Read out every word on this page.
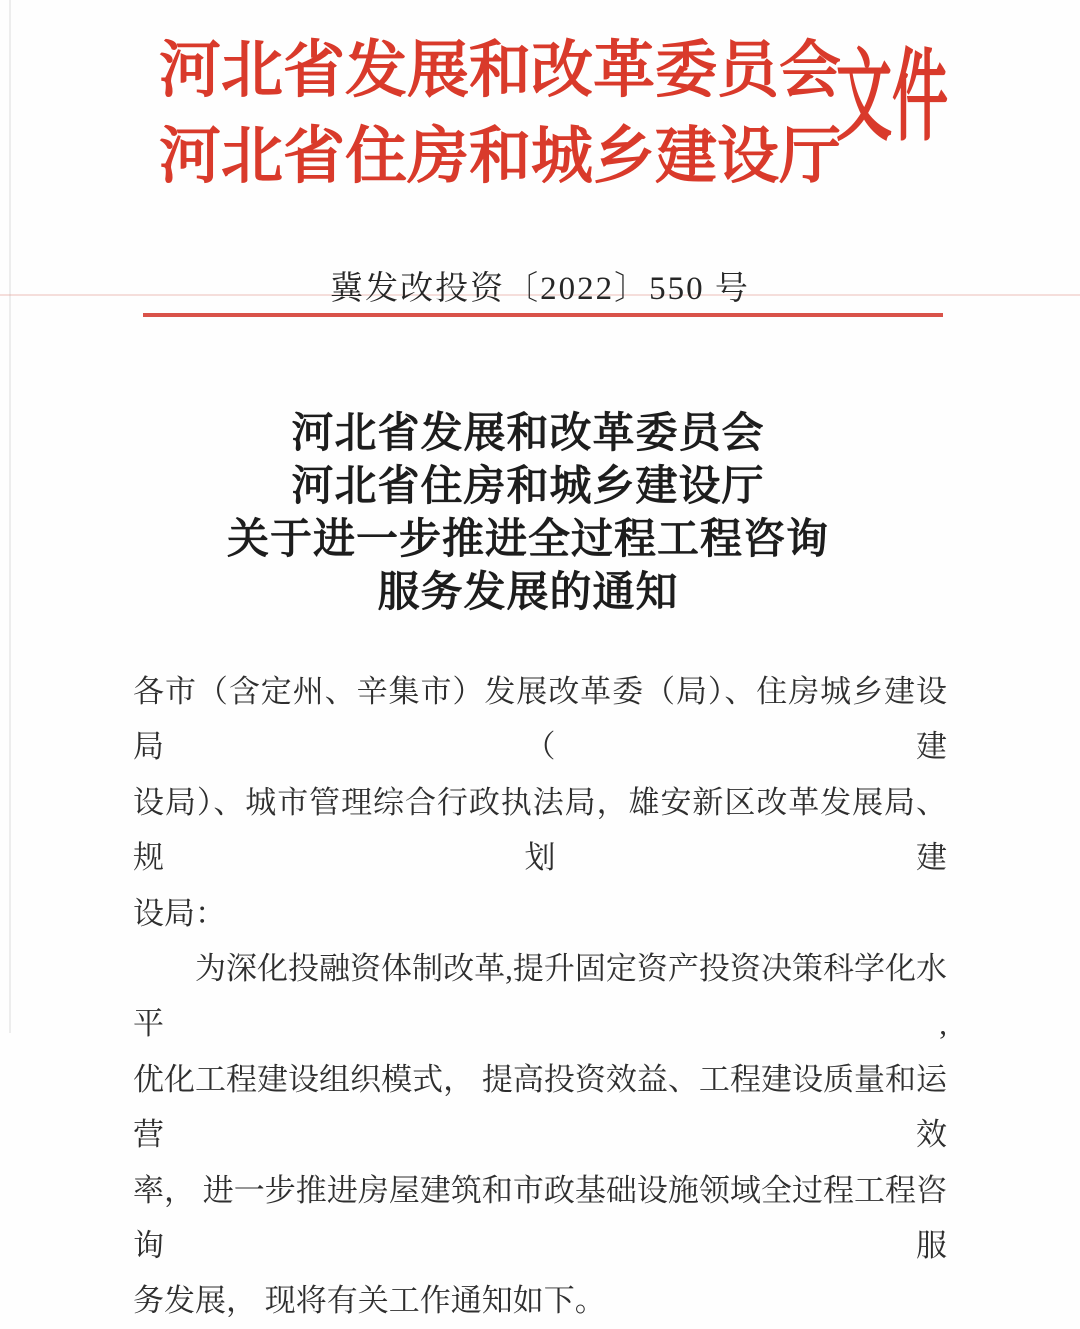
河北省发展和改革委员会
河北省住房和城乡建设厅
文件
冀发改投资〔2022〕550 号
河北省发展和改革委员会
河北省住房和城乡建设厅
关于进一步推进全过程工程咨询
服务发展的通知
各市（含定州、辛集市）发展改革委（局）、住房城乡建设局（建
设局）、城市管理综合行政执法局，雄安新区改革发展局、规划建
设局：
为深化投融资体制改革,提升固定资产投资决策科学化水平,
优化工程建设组织模式， 提高投资效益、工程建设质量和运营效
率， 进一步推进房屋建筑和市政基础设施领域全过程工程咨询服
务发展， 现将有关工作通知如下。
